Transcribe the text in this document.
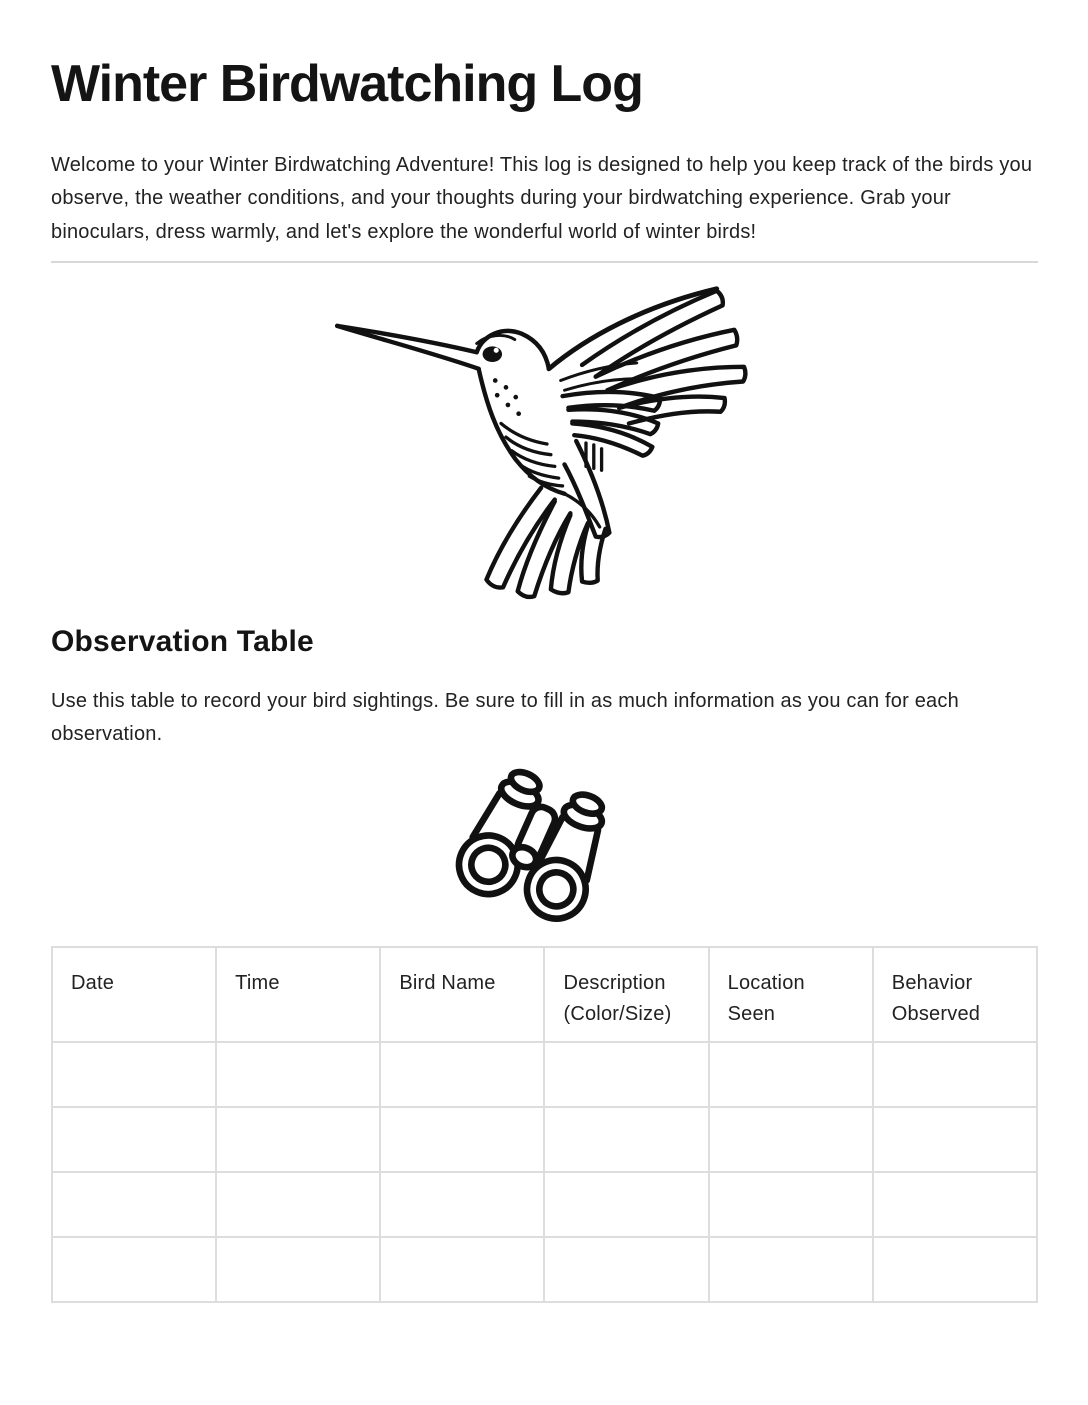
Winter Birdwatching Log

Welcome to your Winter Birdwatching Adventure! This log is designed to help you keep track of the birds you observe, the weather conditions, and your thoughts during your birdwatching experience. Grab your binoculars, dress warmly, and let's explore the wonderful world of winter birds!

Observation Table

Use this table to record your bird sightings. Be sure to fill in as much information as you can for each observation.

Date	Time	Bird Name	Description (Color/Size)	Location Seen	Behavior Observed
